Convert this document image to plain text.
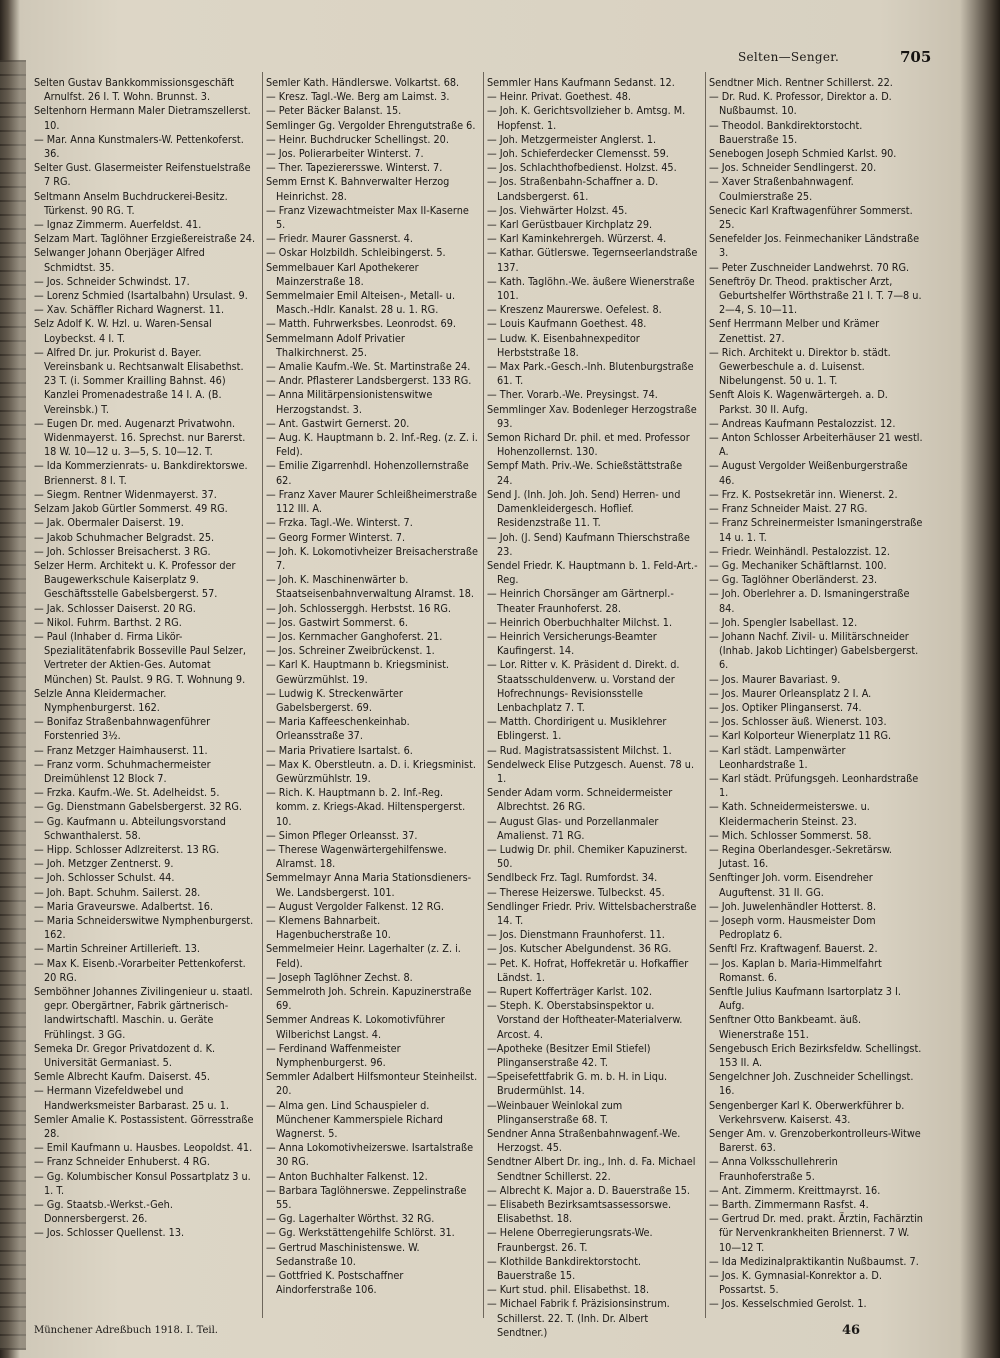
Selten—Senger.	705

Selten Gustav Bankkommissionsgeschäft Arnulfst. 26 I. T. Wohn. Brunnst. 3.

Seltenhorn Hermann Maler Dietramszellerst. 10.

— Mar. Anna Kunstmalers-W. Pettenkoferst. 36.

Selter Gust. Glasermeister Reifenstuelstraße 7 RG.

Seltmann Anselm Buchdruckerei-Besitz. Türkenst. 90 RG. T.

— Ignaz Zimmerm. Auerfeldst. 41.

Selzam Mart. Taglöhner Erzgießereistraße 24.

Selwanger Johann Oberjäger Alfred Schmidtst. 35.

— Jos. Schneider Schwindst. 17.

— Lorenz Schmied (Isartalbahn) Ursulast. 9.

— Xav. Schäffler Richard Wagnerst. 11.

Selz Adolf K. W. Hzl. u. Waren-Sensal Loybeckst. 4 I. T.

— Alfred Dr. jur. Prokurist d. Bayer. Vereinsbank u. Rechtsanwalt Elisabethst. 23 T. (i. Sommer Krailling Bahnst. 46) Kanzlei Promenadestraße 14 I. A. (B. Vereinsbk.) T.

— Eugen Dr. med. Augenarzt Privatwohn. Widenmayerst. 16. Sprechst. nur Barerst. 18 W. 10—12 u. 3—5, S. 10—12. T.

— Ida Kommerzienrats- u. Bankdirektorswe. Briennerst. 8 I. T.

— Siegm. Rentner Widenmayerst. 37.

Selzam Jakob Gürtler Sommerst. 49 RG.

— Jak. Obermaler Daiserst. 19.

— Jakob Schuhmacher Belgradst. 25.

— Joh. Schlosser Breisacherst. 3 RG.

Selzer Herm. Architekt u. K. Professor der Baugewerkschule Kaiserplatz 9. Geschäftsstelle Gabelsbergerst. 57.

— Jak. Schlosser Daiserst. 20 RG.

— Nikol. Fuhrm. Barthst. 2 RG.

— Paul (Inhaber d. Firma Likör-Spezialitätenfabrik Bosseville Paul Selzer, Vertreter der Aktien-Ges. Automat München) St. Paulst. 9 RG. T. Wohnung 9.

Selzle Anna Kleidermacher. Nymphenburgerst. 162.

— Bonifaz Straßenbahnwagenführer Forstenried 3½.

— Franz Metzger Haimhauserst. 11.

— Franz vorm. Schuhmachermeister Dreimühlenst 12 Block 7.

— Frzka. Kaufm.-We. St. Adelheidst. 5.

— Gg. Dienstmann Gabelsbergerst. 32 RG.

— Gg. Kaufmann u. Abteilungsvorstand Schwanthalerst. 58.

— Hipp. Schlosser Adlzreiterst. 13 RG.

— Joh. Metzger Zentnerst. 9.

— Joh. Schlosser Schulst. 44.

— Joh. Bapt. Schuhm. Sailerst. 28.

— Maria Graveurswe. Adalbertst. 16.

— Maria Schneiderswitwe Nymphenburgerst. 162.

— Martin Schreiner Artillerieft. 13.

— Max K. Eisenb.-Vorarbeiter Pettenkoferst. 20 RG.

Semböhner Johannes Zivilingenieur u. staatl. gepr. Obergärtner, Fabrik gärtnerisch-landwirtschaftl. Maschin. u. Geräte Frühlingst. 3 GG.

Semeka Dr. Gregor Privatdozent d. K. Universität Germaniast. 5.

Semle Albrecht Kaufm. Daiserst. 45.

— Hermann Vizefeldwebel und Handwerksmeister Barbarast. 25 u. 1.

Semler Amalie K. Postassistent. Görresstraße 28.

— Emil Kaufmann u. Hausbes. Leopoldst. 41.

— Franz Schneider Enhuberst. 4 RG.

— Gg. Kolumbischer Konsul Possartplatz 3 u. 1. T.

— Gg. Staatsb.-Werkst.-Geh. Donnersbergerst. 26.

— Jos. Schlosser Quellenst. 13.

Semler Kath. Händlerswe. Volkartst. 68.

— Kresz. Tagl.-We. Berg am Laimst. 3.

— Peter Bäcker Balanst. 15.

Semlinger Gg. Vergolder Ehrengutstraße 6.

— Heinr. Buchdrucker Schellingst. 20.

— Jos. Polierarbeiter Winterst. 7.

— Ther. Tapezierersswe. Winterst. 7.

Semm Ernst K. Bahnverwalter Herzog Heinrichst. 28.

— Franz Vizewachtmeister Max II-Kaserne 5.

— Friedr. Maurer Gassnerst. 4.

— Oskar Holzbildh. Schleibingerst. 5.

Semmelbauer Karl Apothekerer Mainzerstraße 18.

Semmelmaier Emil Alteisen-, Metall- u. Masch.-Hdlr. Kanalst. 28 u. 1. RG.

— Matth. Fuhrwerksbes. Leonrodst. 69.

Semmelmann Adolf Privatier Thalkirchnerst. 25.

— Amalie Kaufm.-We. St. Martinstraße 24.

— Andr. Pflasterer Landsbergerst. 133 RG.

— Anna Militärpensionistenswitwe Herzogstandst. 3.

— Ant. Gastwirt Gernerst. 20.

— Aug. K. Hauptmann b. 2. Inf.-Reg. (z. Z. i. Feld).

— Emilie Zigarrenhdl. Hohenzollernstraße 62.

— Franz Xaver Maurer Schleißheimerstraße 112 III. A.

— Frzka. Tagl.-We. Winterst. 7.

— Georg Former Winterst. 7.

— Joh. K. Lokomotivheizer Breisacherstraße 7.

— Joh. K. Maschinenwärter b. Staatseisenbahnverwaltung Alramst. 18.

— Joh. Schlosserggh. Herbstst. 16 RG.

— Jos. Gastwirt Sommerst. 6.

— Jos. Kernmacher Ganghoferst. 21.

— Jos. Schreiner Zweibrückenst. 1.

— Karl K. Hauptmann b. Kriegsminist. Gewürzmühlst. 19.

— Ludwig K. Streckenwärter Gabelsbergerst. 69.

— Maria Kaffeeschenkeinhab. Orleansstraße 37.

— Maria Privatiere Isartalst. 6.

— Max K. Oberstleutn. a. D. i. Kriegsminist. Gewürzmühlstr. 19.

— Rich. K. Hauptmann b. 2. Inf.-Reg. komm. z. Kriegs-Akad. Hiltenspergerst. 10.

— Simon Pfleger Orleansst. 37.

— Therese Wagenwärtergehilfenswe. Alramst. 18.

Semmelmayr Anna Maria Stationsdieners-We. Landsbergerst. 101.

— August Vergolder Falkenst. 12 RG.

— Klemens Bahnarbeit. Hagenbucherstraße 10.

Semmelmeier Heinr. Lagerhalter (z. Z. i. Feld).

— Joseph Taglöhner Zechst. 8.

Semmelroth Joh. Schrein. Kapuzinerstraße 69.

Semmer Andreas K. Lokomotivführer Wilberichst Langst. 4.

— Ferdinand Waffenmeister Nymphenburgerst. 96.

Semmler Adalbert Hilfsmonteur Steinheilst. 20.

— Alma gen. Lind Schauspieler d. Münchener Kammerspiele Richard Wagnerst. 5.

— Anna Lokomotivheizerswe. Isartalstraße 30 RG.

— Anton Buchhalter Falkenst. 12.

— Barbara Taglöhnerswe. Zeppelinstraße 55.

— Gg. Lagerhalter Wörthst. 32 RG.

— Gg. Werkstättengehilfe Schlörst. 31.

— Gertrud Maschinistenswe. W. Sedanstraße 10.

— Gottfried K. Postschaffner Aindorferstraße 106.

Semmler Hans Kaufmann Sedanst. 12.

— Heinr. Privat. Goethest. 48.

— Joh. K. Gerichtsvollzieher b. Amtsg. M. Hopfenst. 1.

— Joh. Metzgermeister Anglerst. 1.

— Joh. Schieferdecker Clemensst. 59.

— Jos. Schlachthofbedienst. Holzst. 45.

— Jos. Straßenbahn-Schaffner a. D. Landsbergerst. 61.

— Jos. Viehwärter Holzst. 45.

— Karl Gerüstbauer Kirchplatz 29.

— Karl Kaminkehrergeh. Würzerst. 4.

— Kathar. Gütlerswe. Tegernseerlandstraße 137.

— Kath. Taglöhn.-We. äußere Wienerstraße 101.

— Kreszenz Maurerswe. Oefelest. 8.

— Louis Kaufmann Goethest. 48.

— Ludw. K. Eisenbahnexpeditor Herbststraße 18.

— Max Park.-Gesch.-Inh. Blutenburgstraße 61. T.

— Ther. Vorarb.-We. Preysingst. 74.

Semmlinger Xav. Bodenleger Herzogstraße 93.

Semon Richard Dr. phil. et med. Professor Hohenzollernst. 130.

Sempf Math. Priv.-We. Schießstättstraße 24.

Send J. (Inh. Joh. Joh. Send) Herren- und Damenkleidergesch. Hoflief. Residenzstraße 11. T.

— Joh. (J. Send) Kaufmann Thierschstraße 23.

Sendel Friedr. K. Hauptmann b. 1. Feld-Art.-Reg.

— Heinrich Chorsänger am Gärtnerpl.-Theater Fraunhoferst. 28.

— Heinrich Oberbuchhalter Milchst. 1.

— Heinrich Versicherungs-Beamter Kaufingerst. 14.

— Lor. Ritter v. K. Präsident d. Direkt. d. Staatsschuldenverw. u. Vorstand der Hofrechnungs- Revisionsstelle Lenbachplatz 7. T.

— Matth. Chordirigent u. Musiklehrer Eblingerst. 1.

— Rud. Magistratsassistent Milchst. 1.

Sendelweck Elise Putzgesch. Auenst. 78 u. 1.

Sender Adam vorm. Schneidermeister Albrechtst. 26 RG.

— August Glas- und Porzellanmaler Amalienst. 71 RG.

— Ludwig Dr. phil. Chemiker Kapuzinerst. 50.

Sendlbeck Frz. Tagl. Rumfordst. 34.

— Therese Heizerswe. Tulbeckst. 45.

Sendlinger Friedr. Priv. Wittelsbacherstraße 14. T.

— Jos. Dienstmann Fraunhoferst. 11.

— Jos. Kutscher Abelgundenst. 36 RG.

— Pet. K. Hofrat, Hoffekretär u. Hofkaffier Ländst. 1.

— Rupert Kofferträger Karlst. 102.

— Steph. K. Oberstabsinspektor u. Vorstand der Hoftheater-Materialverw. Arcost. 4.

—Apotheke (Besitzer Emil Stiefel) Plinganserstraße 42. T.

—Speisefettfabrik G. m. b. H. in Liqu. Brudermühlst. 14.

—Weinbauer Weinlokal zum Plinganserstraße 68. T.

Sendner Anna Straßenbahnwagenf.-We. Herzogst. 45.

Sendtner Albert Dr. ing., Inh. d. Fa. Michael Sendtner Schillerst. 22.

— Albrecht K. Major a. D. Bauerstraße 15.

— Elisabeth Bezirksamtsassessorswe. Elisabethst. 18.

— Helene Oberregierungsrats-We. Fraunbergst. 26. T.

— Klothilde Bankdirektorstocht. Bauerstraße 15.

— Kurt stud. phil. Elisabethst. 18.

— Michael Fabrik f. Präzisionsinstrum. Schillerst. 22. T. (Inh. Dr. Albert Sendtner.)

Sendtner Mich. Rentner Schillerst. 22.

— Dr. Rud. K. Professor, Direktor a. D. Nußbaumst. 10.

— Theodol. Bankdirektorstocht. Bauerstraße 15.

Senebogen Joseph Schmied Karlst. 90.

— Jos. Schneider Sendlingerst. 20.

— Xaver Straßenbahnwagenf. Coulmierstraße 25.

Senecic Karl Kraftwagenführer Sommerst. 25.

Senefelder Jos. Feinmechaniker Ländstraße 3.

— Peter Zuschneider Landwehrst. 70 RG.

Seneftröy Dr. Theod. praktischer Arzt, Geburtshelfer Wörthstraße 21 I. T. 7—8 u. 2—4, S. 10—11.

Senf Herrmann Melber und Krämer Zenettist. 27.

— Rich. Architekt u. Direktor b. städt. Gewerbeschule a. d. Luisenst. Nibelungenst. 50 u. 1. T.

Senft Alois K. Wagenwärtergeh. a. D. Parkst. 30 II. Aufg.

— Andreas Kaufmann Pestalozzist. 12.

— Anton Schlosser Arbeiterhäuser 21 westl. A.

— August Vergolder Weißenburgerstraße 46.

— Frz. K. Postsekretär inn. Wienerst. 2.

— Franz Schneider Maist. 27 RG.

— Franz Schreinermeister Ismaningerstraße 14 u. 1. T.

— Friedr. Weinhändl. Pestalozzist. 12.

— Gg. Mechaniker Schäftlarnst. 100.

— Gg. Taglöhner Oberländerst. 23.

— Joh. Oberlehrer a. D. Ismaningerstraße 84.

— Joh. Spengler Isabellast. 12.

— Johann Nachf. Zivil- u. Militärschneider (Inhab. Jakob Lichtinger) Gabelsbergerst. 6.

— Jos. Maurer Bavariast. 9.

— Jos. Maurer Orleansplatz 2 I. A.

— Jos. Optiker Plinganserst. 74.

— Jos. Schlosser äuß. Wienerst. 103.

— Karl Kolporteur Wienerplatz 11 RG.

— Karl städt. Lampenwärter Leonhardstraße 1.

— Karl städt. Prüfungsgeh. Leonhardstraße 1.

— Kath. Schneidermeisterswe. u. Kleidermacherin Steinst. 23.

— Mich. Schlosser Sommerst. 58.

— Regina Oberlandesger.-Sekretärsw. Jutast. 16.

Senftinger Joh. vorm. Eisendreher Auguftenst. 31 II. GG.

— Joh. Juwelenhändler Hotterst. 8.

— Joseph vorm. Hausmeister Dom Pedroplatz 6.

Senftl Frz. Kraftwagenf. Bauerst. 2.

— Jos. Kaplan b. Maria-Himmelfahrt Romanst. 6.

Senftle Julius Kaufmann Isartorplatz 3 I. Aufg.

Senftner Otto Bankbeamt. äuß. Wienerstraße 151.

Sengebusch Erich Bezirksfeldw. Schellingst. 153 II. A.

Sengelchner Joh. Zuschneider Schellingst. 16.

Sengenberger Karl K. Oberwerkführer b. Verkehrsverw. Kaiserst. 43.

Senger Am. v. Grenzoberkontrolleurs-Witwe Barerst. 63.

— Anna Volksschullehrerin Fraunhoferstraße 5.

— Ant. Zimmerm. Kreittmayrst. 16.

— Barth. Zimmermann Rasfst. 4.

— Gertrud Dr. med. prakt. Ärztin, Fachärztin für Nervenkrankheiten Briennerst. 7 W. 10—12 T.

— Ida Medizinalpraktikantin Nußbaumst. 7.

— Jos. K. Gymnasial-Konrektor a. D. Possartst. 5.

— Jos. Kesselschmied Gerolst. 1.

Münchener Adreßbuch 1918. I. Teil.	46
